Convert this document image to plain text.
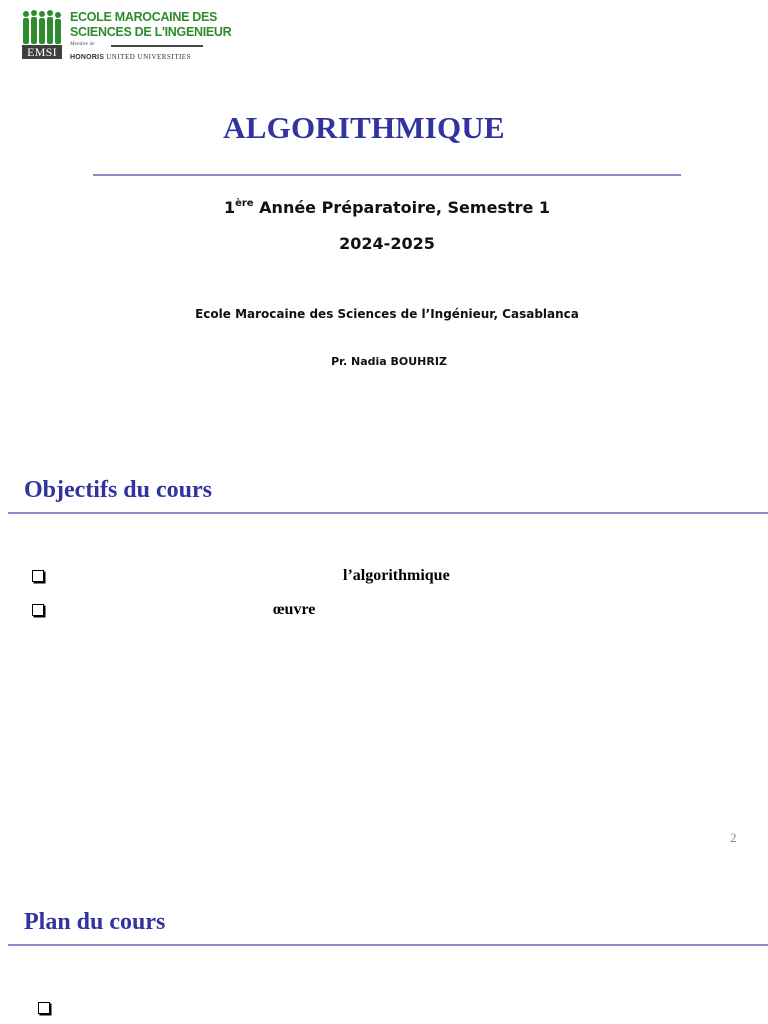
EMSI
ECOLE MAROCAINE DES
SCIENCES DE L'INGENIEUR
Membre de
HONORIS UNITED UNIVERSITIES
ALGORITHMIQUE
1ère Année Préparatoire, Semestre 1
2024-2025
Ecole Marocaine des Sciences de l’Ingénieur, Casablanca
Pr. Nadia BOUHRIZ
Objectifs du cours
l’algorithmique
œuvre
2
Plan du cours
